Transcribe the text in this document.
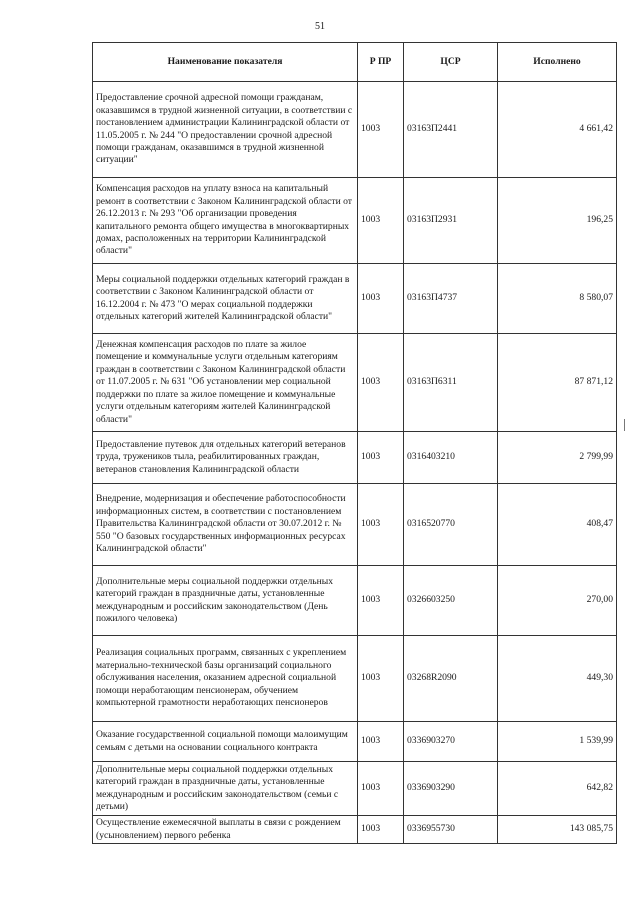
51
Наименование показателя	Р ПР	ЦСР	Исполнено
Предоставление срочной адресной помощи гражданам, оказавшимся в трудной жизненной ситуации, в соответствии с постановлением администрации Калининградской области от 11.05.2005 г. № 244 "О предоставлении срочной адресной помощи гражданам, оказавшимся в трудной жизненной ситуации"	1003	03163П2441	4 661,42
Компенсация расходов на уплату взноса на капитальный ремонт в соответствии с Законом Калининградской области от 26.12.2013 г. № 293 "Об организации проведения капитального ремонта общего имущества в многоквартирных домах, расположенных на территории Калининградской области"	1003	03163П2931	196,25
Меры социальной поддержки отдельных категорий граждан в соответствии с Законом Калининградской области от 16.12.2004 г. № 473 "О мерах социальной поддержки отдельных категорий жителей Калининградской области"	1003	03163П4737	8 580,07
Денежная компенсация расходов по плате за жилое помещение и коммунальные услуги отдельным категориям граждан в соответствии с Законом Калининградской области от 11.07.2005 г. № 631 "Об установлении мер социальной поддержки по плате за жилое помещение и коммунальные услуги отдельным категориям жителей Калининградской области"	1003	03163П6311	87 871,12
Предоставление путевок для отдельных категорий ветеранов труда, тружеников тыла, реабилитированных граждан, ветеранов становления Калининградской области	1003	0316403210	2 799,99
Внедрение, модернизация и обеспечение работоспособности информационных систем, в соответствии с постановлением Правительства Калининградской области от 30.07.2012 г. № 550 "О базовых государственных информационных ресурсах Калининградской области"	1003	0316520770	408,47
Дополнительные меры социальной поддержки отдельных категорий граждан в праздничные даты, установленные международным и российским законодательством (День пожилого человека)	1003	0326603250	270,00
Реализация социальных программ, связанных с укреплением материально-технической базы организаций социального обслуживания населения, оказанием адресной социальной помощи неработающим пенсионерам, обучением компьютерной грамотности неработающих пенсионеров	1003	03268R2090	449,30
Оказание государственной социальной помощи малоимущим семьям с детьми на основании социального контракта	1003	0336903270	1 539,99
Дополнительные меры социальной поддержки отдельных категорий граждан в праздничные даты, установленные международным и российским законодательством (семьи с детьми)	1003	0336903290	642,82
Осуществление ежемесячной выплаты в связи с рождением (усыновлением) первого ребенка	1003	0336955730	143 085,75
